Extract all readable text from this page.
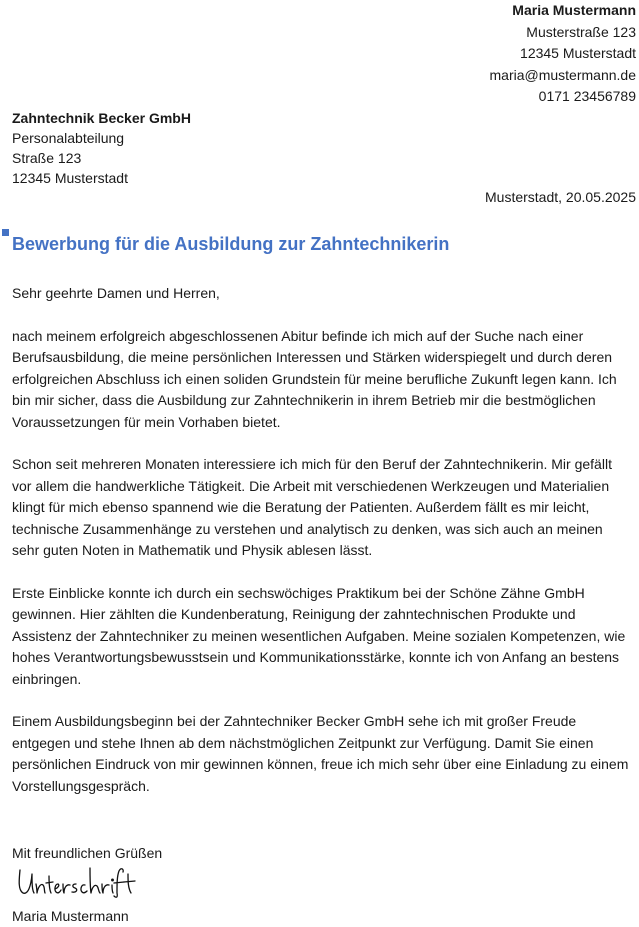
Maria Mustermann
Musterstraße 123
12345 Musterstadt
maria@mustermann.de
0171 23456789
Zahntechnik Becker GmbH
Personalabteilung
Straße 123
12345 Musterstadt
Musterstadt, 20.05.2025
Bewerbung für die Ausbildung zur Zahntechnikerin

Sehr geehrte Damen und Herren,

nach meinem erfolgreich abgeschlossenen Abitur befinde ich mich auf der Suche nach einer Berufsausbildung, die meine persönlichen Interessen und Stärken widerspiegelt und durch deren erfolgreichen Abschluss ich einen soliden Grundstein für meine berufliche Zukunft legen kann. Ich bin mir sicher, dass die Ausbildung zur Zahntechnikerin in ihrem Betrieb mir die bestmöglichen Voraussetzungen für mein Vorhaben bietet.

Schon seit mehreren Monaten interessiere ich mich für den Beruf der Zahntechnikerin. Mir gefällt vor allem die handwerkliche Tätigkeit. Die Arbeit mit verschiedenen Werkzeugen und Materialien klingt für mich ebenso spannend wie die Beratung der Patienten. Außerdem fällt es mir leicht, technische Zusammenhänge zu verstehen und analytisch zu denken, was sich auch an meinen sehr guten Noten in Mathematik und Physik ablesen lässt.

Erste Einblicke konnte ich durch ein sechswöchiges Praktikum bei der Schöne Zähne GmbH gewinnen. Hier zählten die Kundenberatung, Reinigung der zahntechnischen Produkte und Assistenz der Zahntechniker zu meinen wesentlichen Aufgaben. Meine sozialen Kompetenzen, wie hohes Verantwortungsbewusstsein und Kommunikationsstärke, konnte ich von Anfang an bestens einbringen.

Einem Ausbildungsbeginn bei der Zahntechniker Becker GmbH sehe ich mit großer Freude entgegen und stehe Ihnen ab dem nächstmöglichen Zeitpunkt zur Verfügung. Damit Sie einen persönlichen Eindruck von mir gewinnen können, freue ich mich sehr über eine Einladung zu einem Vorstellungsgespräch.

Mit freundlichen Grüßen
Maria Mustermann
